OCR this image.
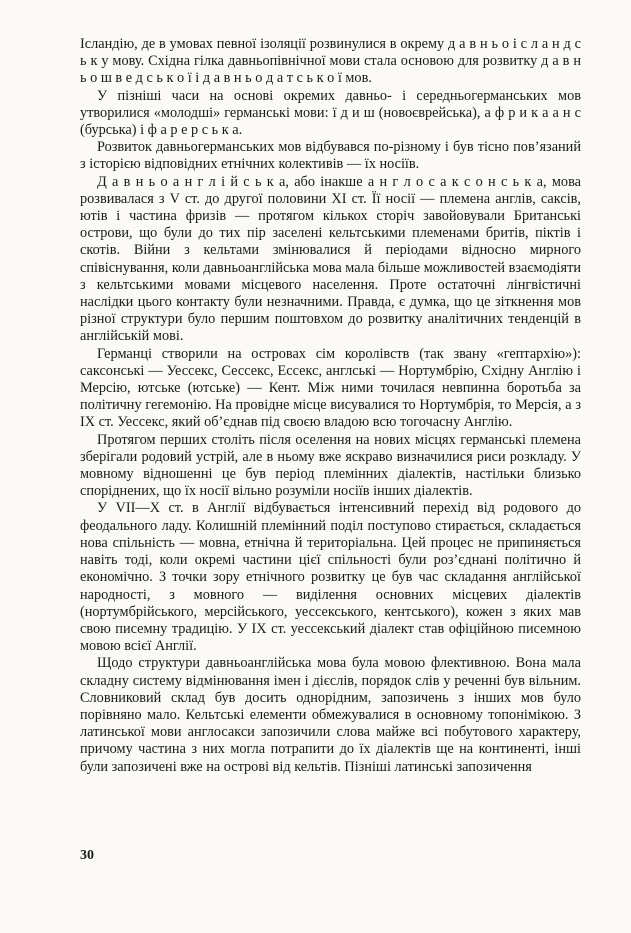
Ісландію, де в умовах певної ізоляції розвинулися в окрему д а в н ь о і с л а н д с ь к у мову. Східна гілка давньопівнічної мови стала основою для розвитку д а в н ь о ш в е д с ь к о ї і д а в н ь о д а т с ь к о ї мов.

У пізніші часи на основі окремих давньо- і середньогерманських мов утворилися «молодші» германські мови: ї д и ш (новоєврейська), а ф р и к а а н с (бурська) і ф а р е р с ь к а.

Розвиток давньогерманських мов відбувався по-різному і був тісно пов’язаний з історією відповідних етнічних колективів — їх носіїв.

Д а в н ь о а н г л і й с ь к а, або інакше а н г л о с а к с о н с ь к а, мова розвивалася з V ст. до другої половини XI ст. Її носії — племена англів, саксів, ютів і частина фризів — протягом кількох сторіч завойовували Британські острови, що були до тих пір заселені кельтськими племенами бритів, піктів і скотів. Війни з кельтами змінювалися й періодами відносно мирного співіснування, коли давньоанглійська мова мала більше можливостей взаємодіяти з кельтськими мовами місцевого населення. Проте остаточні лінгвістичні наслідки цього контакту були незначними. Правда, є думка, що це зіткнення мов різної структури було першим поштовхом до розвитку аналітичних тенденцій в англійській мові.

Германці створили на островах сім королівств (так звану «гептархію»): саксонські — Уессекс, Сессекс, Ессекс, англські — Нортумбрію, Східну Англію і Мерсію, ютське (ютське) — Кент. Між ними точилася невпинна боротьба за політичну гегемонію. На провідне місце висувалися то Нортумбрія, то Мерсія, а з IX ст. Уессекс, який об’єднав під своєю владою всю тогочасну Англію.

Протягом перших століть після оселення на нових місцях германські племена зберігали родовий устрій, але в ньому вже яскраво визначилися риси розкладу. У мовному відношенні це був період племінних діалектів, настільки близько споріднених, що їх носії вільно розуміли носіїв інших діалектів.

У VII—X ст. в Англії відбувається інтенсивний перехід від родового до феодального ладу. Колишній племінний поділ поступово стирається, складається нова спільність — мовна, етнічна й територіальна. Цей процес не припиняється навіть тоді, коли окремі частини цієї спільності були роз’єднані політично й економічно. З точки зору етнічного розвитку це був час складання англійської народності, з мовного — виділення основних місцевих діалектів (нортумбрійського, мерсійського, уессекського, кентського), кожен з яких мав свою писемну традицію. У IX ст. уессекський діалект став офіційною писемною мовою всієї Англії.

Щодо структури давньоанглійська мова була мовою флективною. Вона мала складну систему відмінювання імен і дієслів, порядок слів у реченні був вільним. Словниковий склад був досить однорідним, запозичень з інших мов було порівняно мало. Кельтські елементи обмежувалися в основному топонімікою. З латинської мови англосакси запозичили слова майже всі побутового характеру, причому частина з них могла потрапити до їх діалектів ще на континенті, інші були запозичені вже на острові від кельтів. Пізніші латинські запозичення

30
